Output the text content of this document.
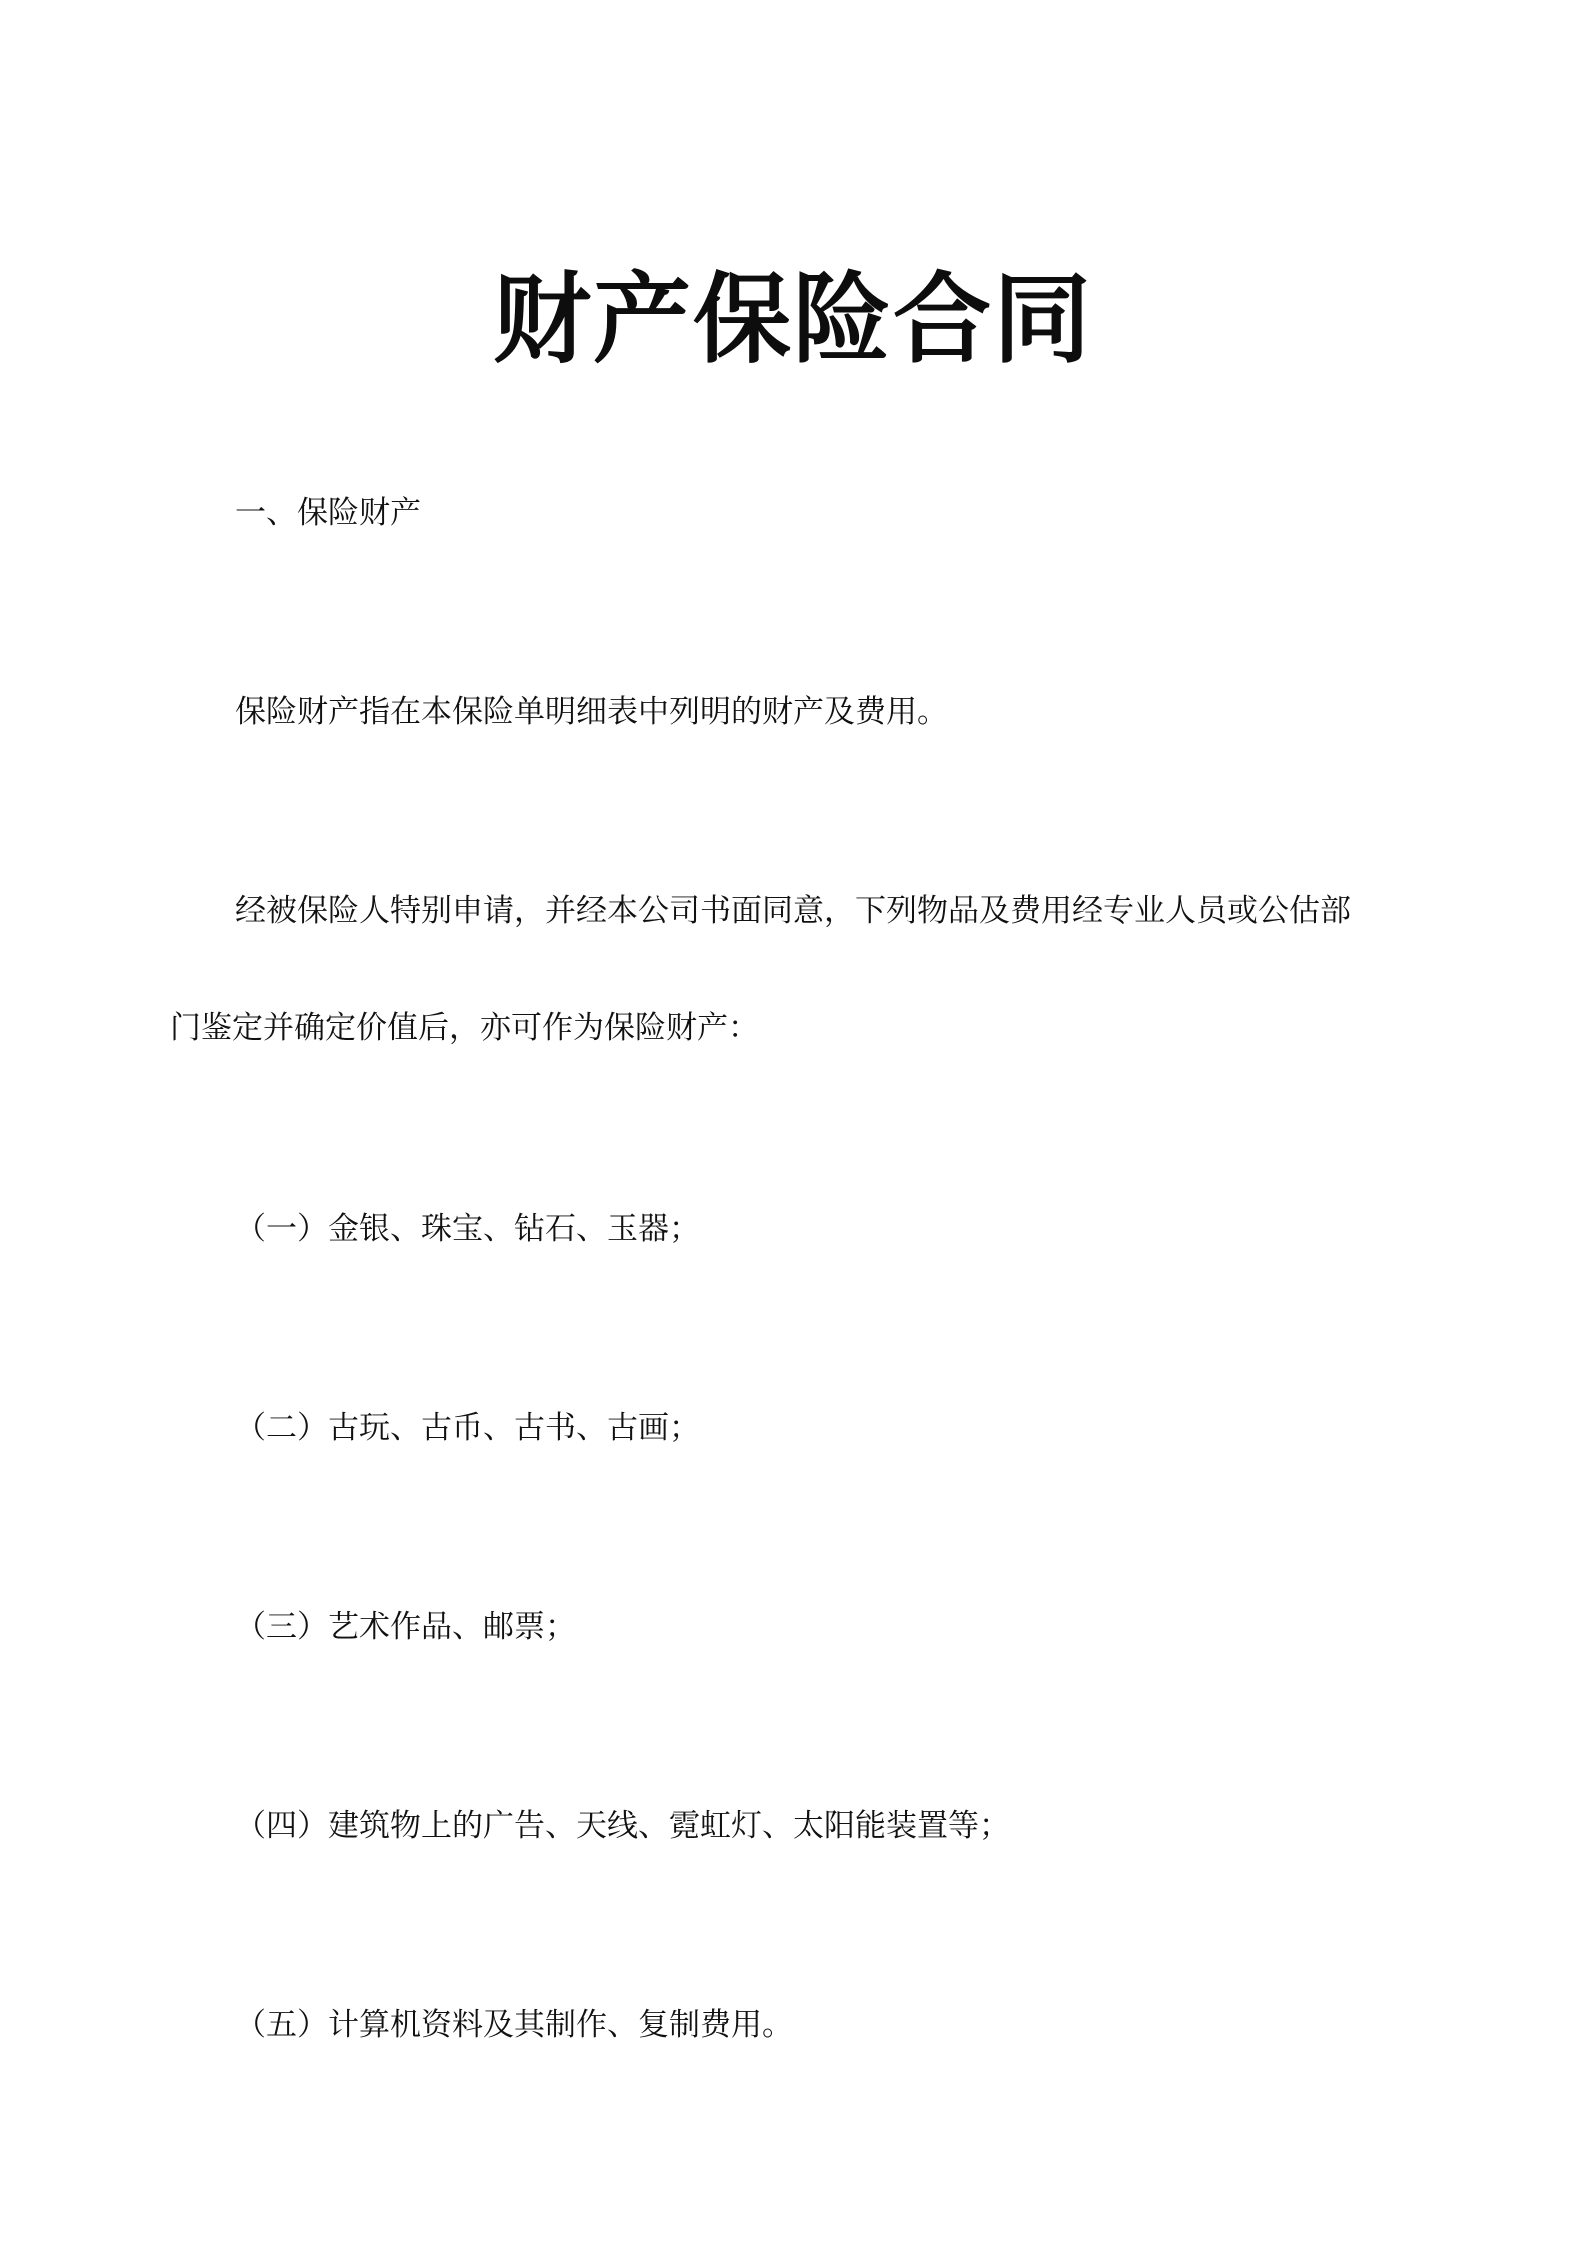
财产保险合同
一、保险财产
保险财产指在本保险单明细表中列明的财产及费用。
经被保险人特别申请，并经本公司书面同意，下列物品及费用经专业人员或公估部
门鉴定并确定价值后，亦可作为保险财产：
（一）金银、珠宝、钻石、玉器；
（二）古玩、古币、古书、古画；
（三）艺术作品、邮票；
（四）建筑物上的广告、天线、霓虹灯、太阳能装置等；
（五）计算机资料及其制作、复制费用。
